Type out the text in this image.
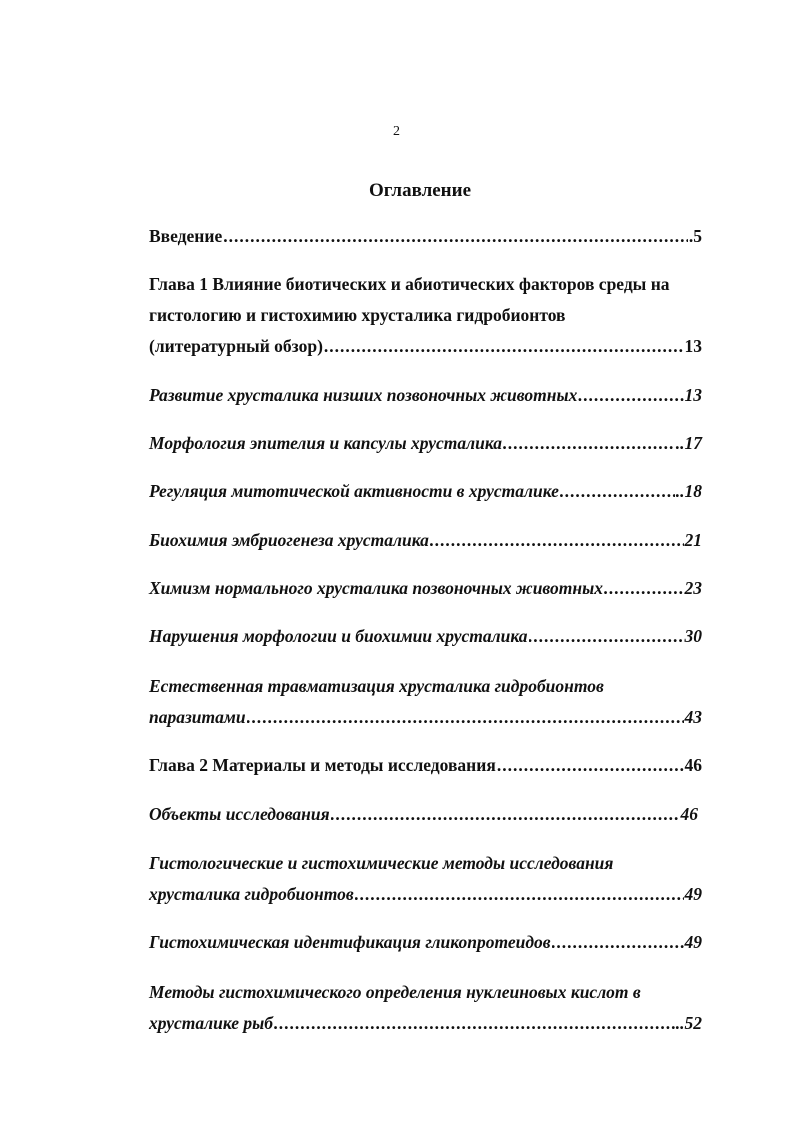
2
Оглавление
Введение .....	.5
Глава 1 Влияние биотических и абиотических факторов среды на
гистологию и гистохимию хрусталика гидробионтов
(литературный обзор) .....	13
Развитие хрусталика низших позвоночных животных .....	13
Морфология эпителия и капсулы хрусталика .....	..17
Регуляция митотической активности в хрусталике .....	..18
Биохимия эмбриогенеза хрусталика .....	21
Химизм нормального хрусталика позвоночных животных .....	23
Нарушения морфологии и биохимии хрусталика .....	30
Естественная травматизация хрусталика гидробионтов
паразитами .....	43
Глава 2 Материалы и методы исследования .....	46
Объекты исследования .....	46
Гистологические и гистохимические методы исследования
хрусталика гидробионтов .....	49
Гистохимическая идентификация гликопротеидов .....	49
Методы гистохимического определения нуклеиновых кислот в
хрусталике рыб .....	..52
